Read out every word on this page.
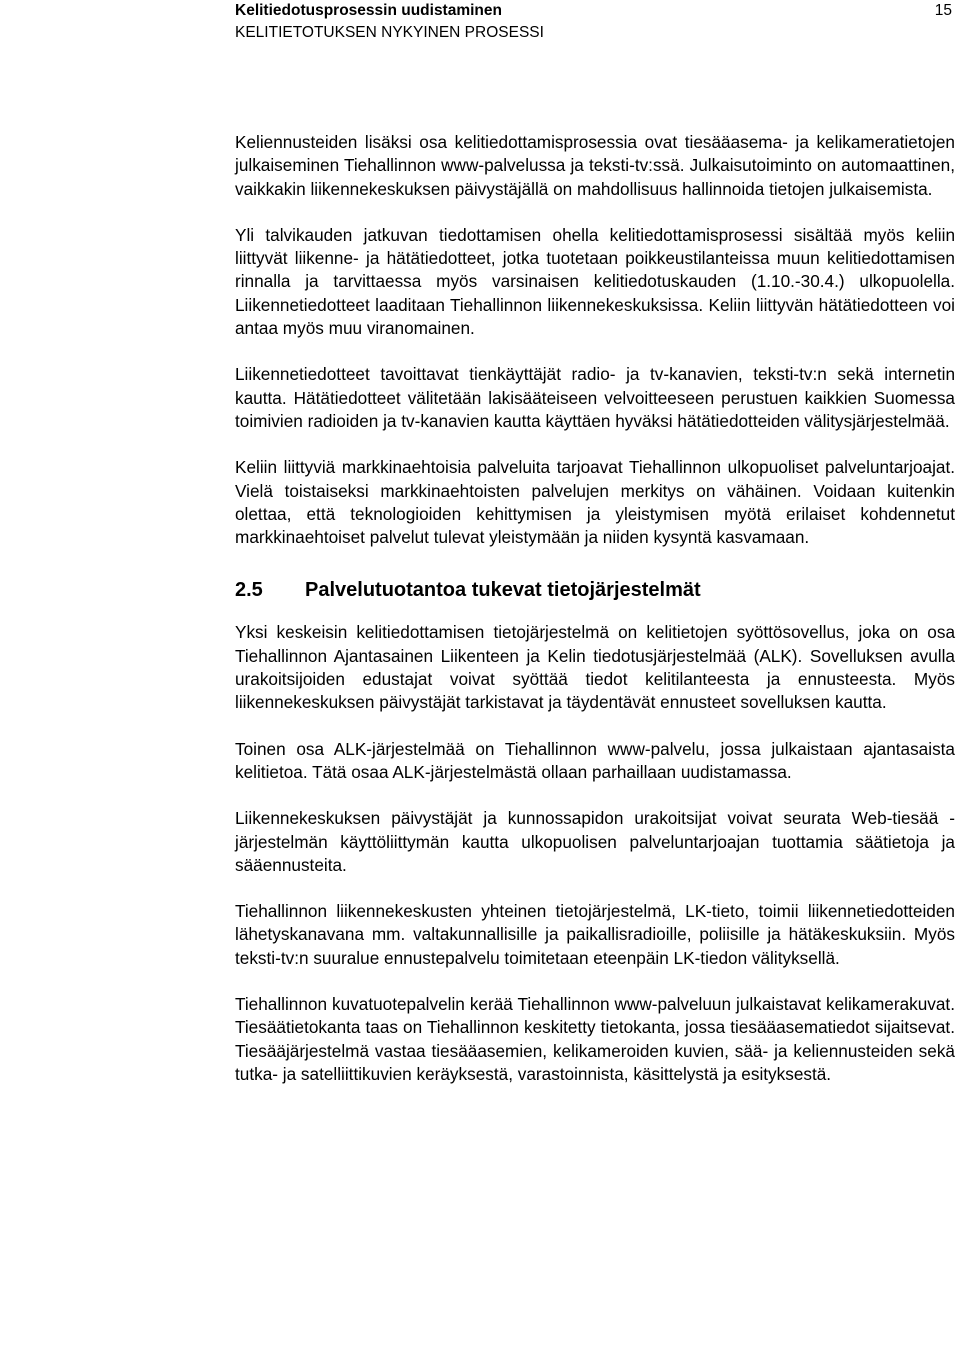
Kelitiedotusprosessin uudistaminen
KELITIETOTUKSEN NYKYINEN PROSESSI
15

Keliennusteiden lisäksi osa kelitiedottamisprosessia ovat tiesääasema- ja kelikameratietojen julkaiseminen Tiehallinnon www-palvelussa ja teksti-tv:ssä. Julkaisutoiminto on automaattinen, vaikkakin liikennekeskuksen päivystäjällä on mahdollisuus hallinnoida tietojen julkaisemista.

Yli talvikauden jatkuvan tiedottamisen ohella kelitiedottamisprosessi sisältää myös keliin liittyvät liikenne- ja hätätiedotteet, jotka tuotetaan poikkeustilanteissa muun kelitiedottamisen rinnalla ja tarvittaessa myös varsinaisen kelitiedotuskauden (1.10.-30.4.) ulkopuolella. Liikennetiedotteet laaditaan Tiehallinnon liikennekeskuksissa. Keliin liittyvän hätätiedotteen voi antaa myös muu viranomainen.

Liikennetiedotteet tavoittavat tienkäyttäjät radio- ja tv-kanavien, teksti-tv:n sekä internetin kautta. Hätätiedotteet välitetään lakisääteiseen velvoitteeseen perustuen kaikkien Suomessa toimivien radioiden ja tv-kanavien kautta käyttäen hyväksi hätätiedotteiden välitysjärjestelmää.

Keliin liittyviä markkinaehtoisia palveluita tarjoavat Tiehallinnon ulkopuoliset palveluntarjoajat. Vielä toistaiseksi markkinaehtoisten palvelujen merkitys on vähäinen. Voidaan kuitenkin olettaa, että teknologioiden kehittymisen ja yleistymisen myötä erilaiset kohdennetut markkinaehtoiset palvelut tulevat yleistymään ja niiden kysyntä kasvamaan.

2.5 Palvelutuotantoa tukevat tietojärjestelmät

Yksi keskeisin kelitiedottamisen tietojärjestelmä on kelitietojen syöttösovellus, joka on osa Tiehallinnon Ajantasainen Liikenteen ja Kelin tiedotusjärjestelmää (ALK). Sovelluksen avulla urakoitsijoiden edustajat voivat syöttää tiedot kelitilanteesta ja ennusteesta. Myös liikennekeskuksen päivystäjät tarkistavat ja täydentävät ennusteet sovelluksen kautta.

Toinen osa ALK-järjestelmää on Tiehallinnon www-palvelu, jossa julkaistaan ajantasaista kelitietoa. Tätä osaa ALK-järjestelmästä ollaan parhaillaan uudistamassa.

Liikennekeskuksen päivystäjät ja kunnossapidon urakoitsijat voivat seurata Web-tiesää -järjestelmän käyttöliittymän kautta ulkopuolisen palveluntarjoajan tuottamia säätietoja ja sääennusteita.

Tiehallinnon liikennekeskusten yhteinen tietojärjestelmä, LK-tieto, toimii liikennetiedotteiden lähetyskanavana mm. valtakunnallisille ja paikallisradioille, poliisille ja hätäkeskuksiin. Myös teksti-tv:n suuralue ennustepalvelu toimitetaan eteenpäin LK-tiedon välityksellä.

Tiehallinnon kuvatuotepalvelin kerää Tiehallinnon www-palveluun julkaistavat kelikamerakuvat. Tiesäätietokanta taas on Tiehallinnon keskitetty tietokanta, jossa tiesääasematiedot sijaitsevat. Tiesääjärjestelmä vastaa tiesääasemien, kelikameroiden kuvien, sää- ja keliennusteiden sekä tutka- ja satelliittikuvien keräyksestä, varastoinnista, käsittelystä ja esityksestä.
